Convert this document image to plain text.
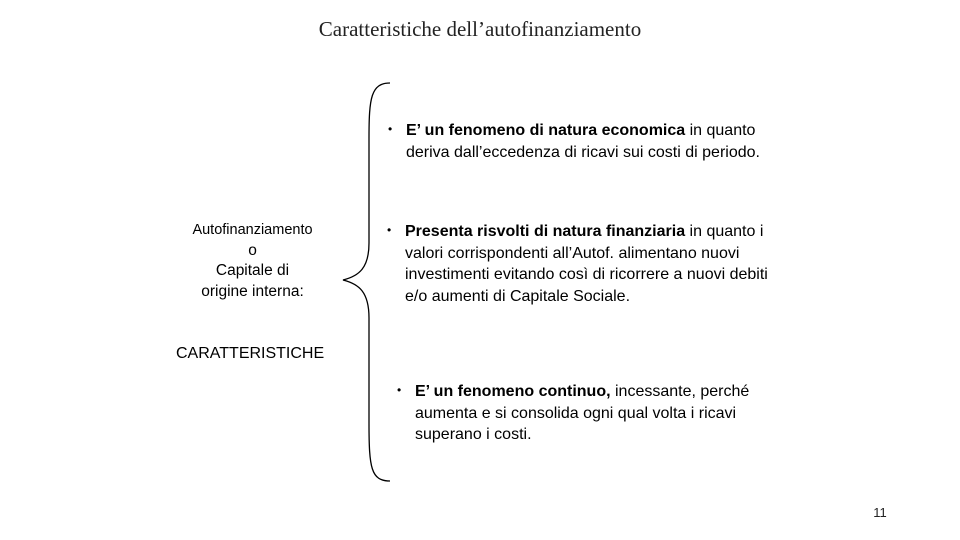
Caratteristiche dell’autofinanziamento
Autofinanziamento
o
Capitale di
origine interna:
CARATTERISTICHE
• E’ un fenomeno di natura economica in quanto deriva dall’eccedenza di ricavi sui costi di periodo.
• Presenta risvolti di natura finanziaria in quanto i valori corrispondenti all’Autof. alimentano nuovi investimenti evitando così di ricorrere a nuovi debiti e/o aumenti di Capitale Sociale.
• E’ un fenomeno continuo, incessante, perché aumenta e si consolida ogni qual volta i ricavi superano i costi.
11
